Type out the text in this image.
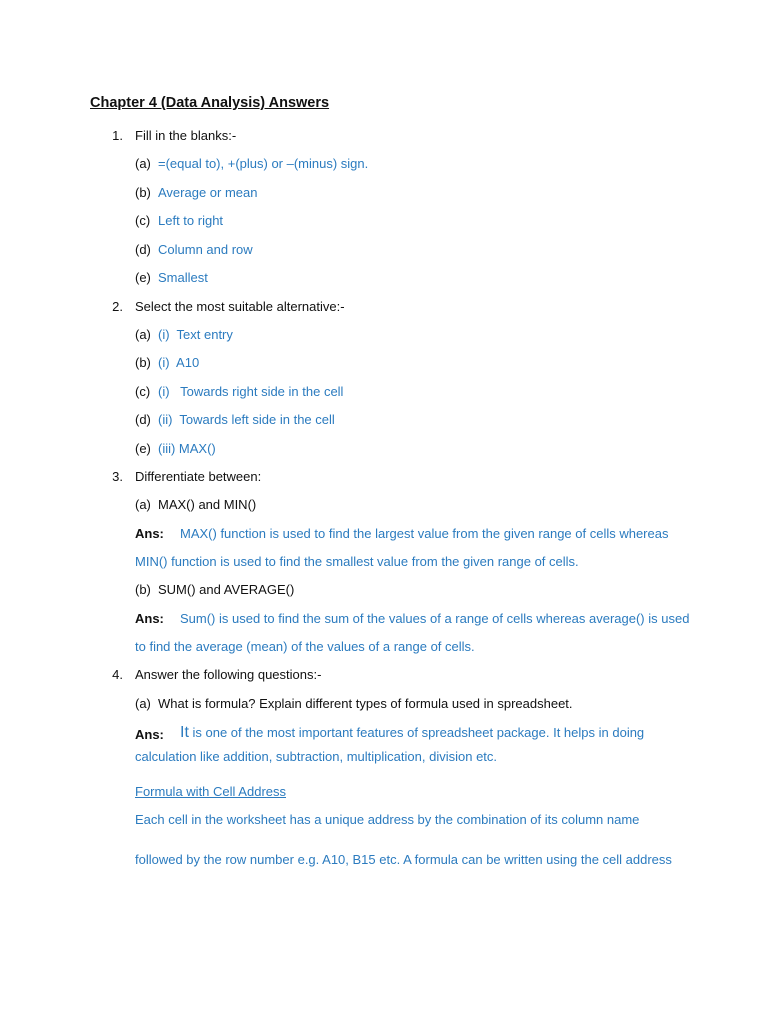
Chapter 4 (Data Analysis) Answers
1. Fill in the blanks:-
(a) =(equal to), +(plus) or –(minus) sign.
(b) Average or mean
(c) Left to right
(d) Column and row
(e) Smallest
2. Select the most suitable alternative:-
(a) (i)  Text entry
(b) (i)  A10
(c) (i)   Towards right side in the cell
(d) (ii)  Towards left side in the cell
(e) (iii) MAX()
3. Differentiate between:
(a) MAX() and MIN()
Ans: MAX() function is used to find the largest value from the given range of cells whereas
MIN() function is used to find the smallest value from the given range of cells.
(b) SUM() and AVERAGE()
Ans: Sum() is used to find the sum of the values of a range of cells whereas average() is used
to find the average (mean) of the values of a range of cells.
4. Answer the following questions:-
(a) What is formula? Explain different types of formula used in spreadsheet.
Ans: It is one of the most important features of spreadsheet package. It helps in doing
calculation like addition, subtraction, multiplication, division etc.
Formula with Cell Address
Each cell in the worksheet has a unique address by the combination of its column name
followed by the row number e.g. A10, B15 etc. A formula can be written using the cell address
